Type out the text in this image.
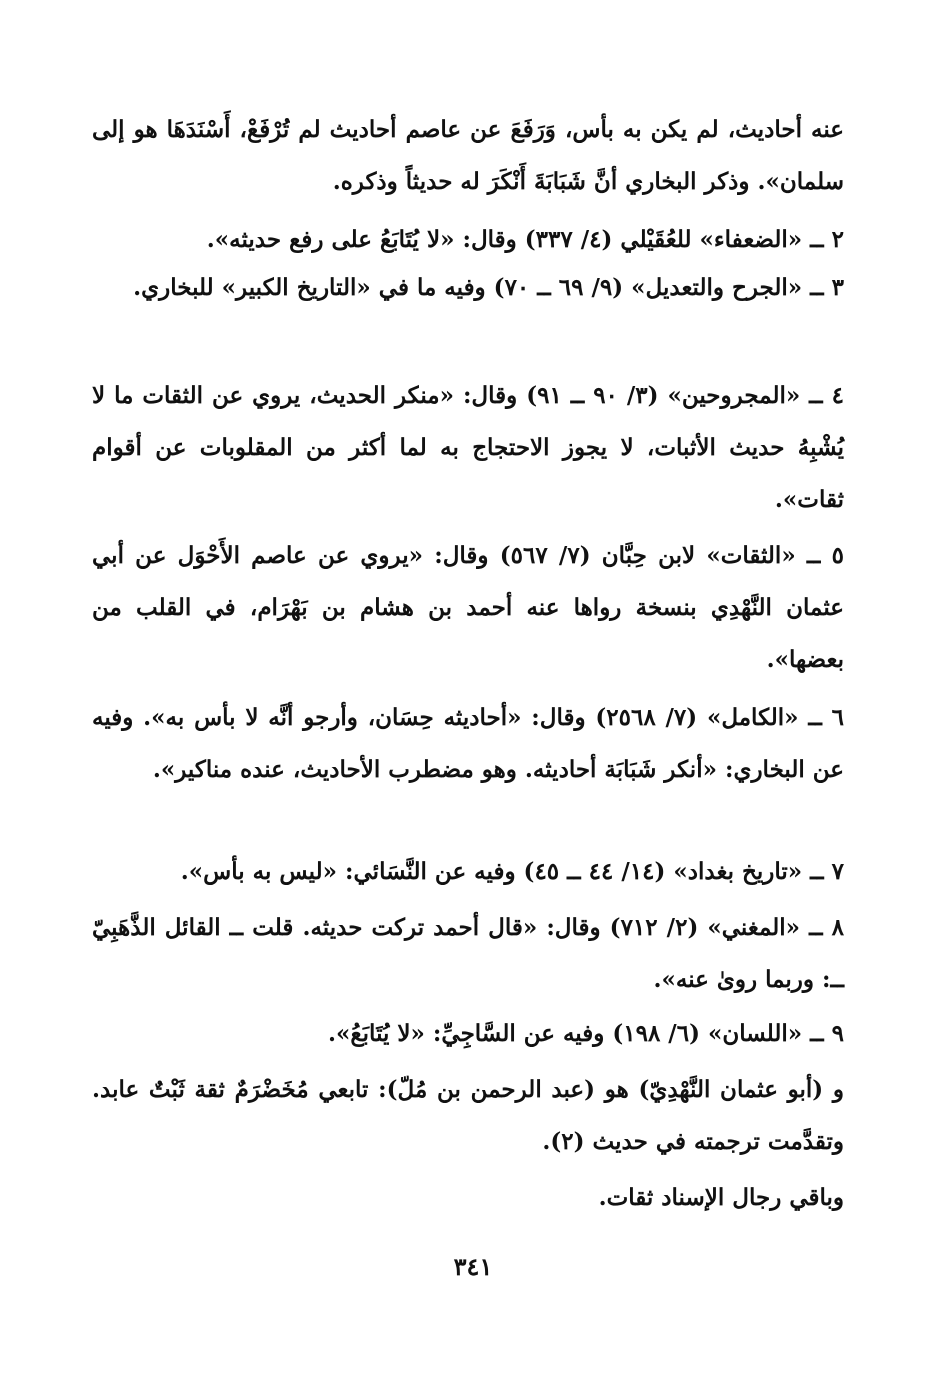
عنه أحاديث، لم يكن به بأس، وَرَفَعَ عن عاصم أحاديث لم تُرْفَعْ، أَسْنَدَهَا هو إلى سلمان». وذكر البخاري أنَّ شَبَابَةَ أَنْكَرَ له حديثاً وذكره.
٢ ــ «الضعفاء» للعُقَيْلي (٤/ ٣٣٧) وقال: «لا يُتَابَعُ على رفع حديثه».
٣ ــ «الجرح والتعديل» (٩/ ٦٩ ــ ٧٠) وفيه ما في «التاريخ الكبير» للبخاري.
٤ ــ «المجروحين» (٣/ ٩٠ ــ ٩١) وقال: «منكر الحديث، يروي عن الثقات ما لا يُشْبِهُ حديث الأثبات، لا يجوز الاحتجاج به لما أكثر من المقلوبات عن أقوام ثقات».
٥ ــ «الثقات» لابن حِبَّان (٧/ ٥٦٧) وقال: «يروي عن عاصم الأَحْوَل عن أبي عثمان النَّهْدِي بنسخة رواها عنه أحمد بن هشام بن بَهْرَام، في القلب من بعضها».
٦ ــ «الكامل» (٧/ ٢٥٦٨) وقال: «أحاديثه حِسَان، وأرجو أنَّه لا بأس به». وفيه عن البخاري: «أنكر شَبَابَة أحاديثه. وهو مضطرب الأحاديث، عنده مناكير».
٧ ــ «تاريخ بغداد» (١٤/ ٤٤ ــ ٤٥) وفيه عن النَّسَائي: «ليس به بأس».
٨ ــ «المغني» (٢/ ٧١٢) وقال: «قال أحمد تركت حديثه. قلت ــ القائل الذَّهَبِيّ ــ: وربما روىٰ عنه».
٩ ــ «اللسان» (٦/ ١٩٨) وفيه عن السَّاجِيِّ: «لا يُتَابَعُ».
و (أبو عثمان النَّهْدِيّ) هو (عبد الرحمن بن مُلّ): تابعي مُخَضْرَمٌ ثقة ثَبْتٌ عابد. وتقدَّمت ترجمته في حديث (٢).
وباقي رجال الإسناد ثقات.
٣٤١
